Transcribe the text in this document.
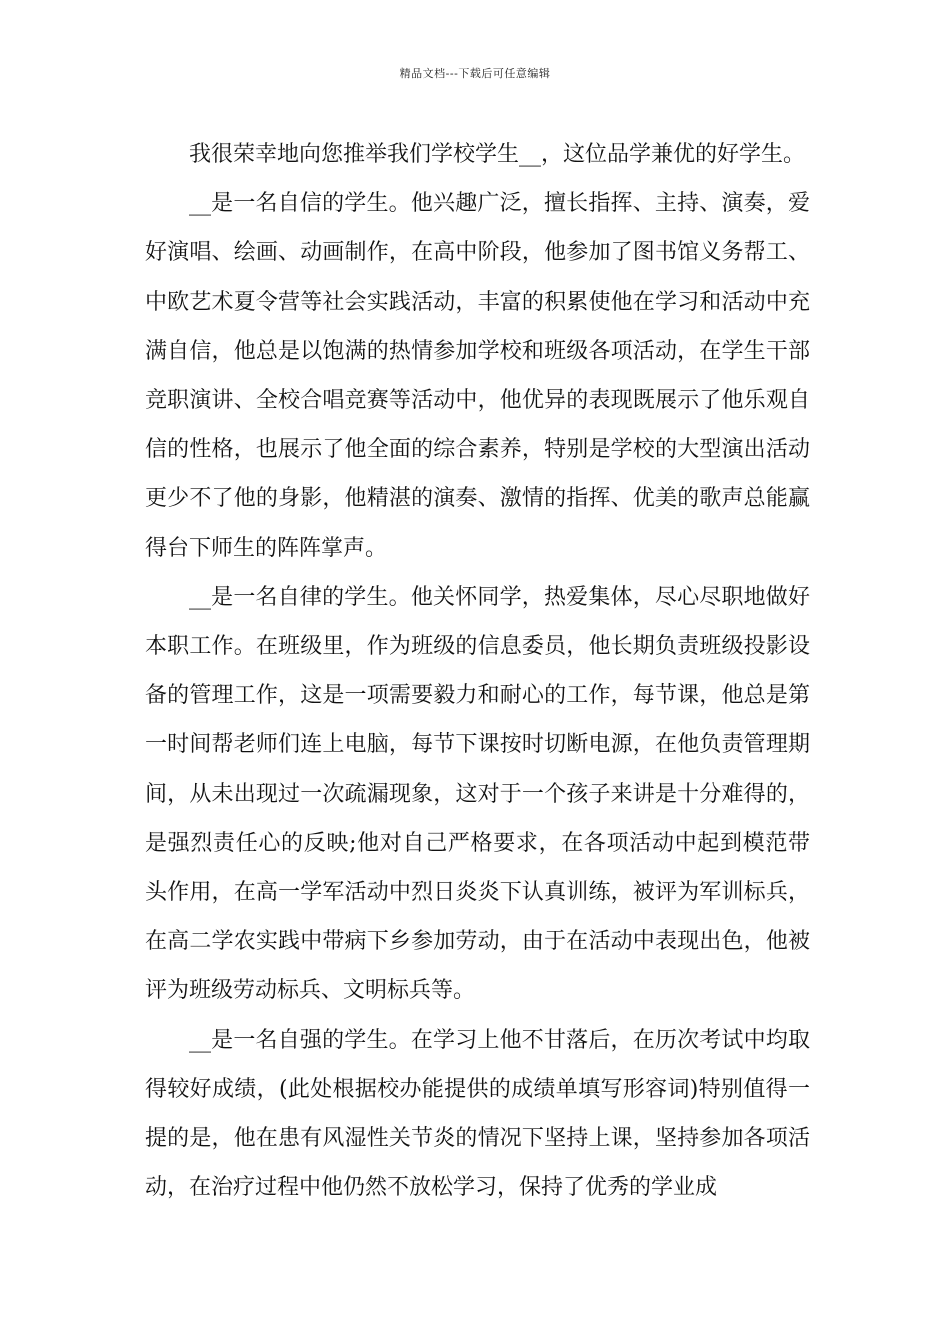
精品文档---下载后可任意编辑

我很荣幸地向您推举我们学校学生__，这位品学兼优的好学生。

__是一名自信的学生。他兴趣广泛，擅长指挥、主持、演奏，爱好演唱、绘画、动画制作，在高中阶段，他参加了图书馆义务帮工、中欧艺术夏令营等社会实践活动，丰富的积累使他在学习和活动中充满自信，他总是以饱满的热情参加学校和班级各项活动，在学生干部竞职演讲、全校合唱竞赛等活动中，他优异的表现既展示了他乐观自信的性格，也展示了他全面的综合素养，特别是学校的大型演出活动更少不了他的身影，他精湛的演奏、激情的指挥、优美的歌声总能赢得台下师生的阵阵掌声。

__是一名自律的学生。他关怀同学，热爱集体，尽心尽职地做好本职工作。在班级里，作为班级的信息委员，他长期负责班级投影设备的管理工作，这是一项需要毅力和耐心的工作，每节课，他总是第一时间帮老师们连上电脑，每节下课按时切断电源，在他负责管理期间，从未出现过一次疏漏现象，这对于一个孩子来讲是十分难得的，是强烈责任心的反映;他对自己严格要求，在各项活动中起到模范带头作用，在高一学军活动中烈日炎炎下认真训练，被评为军训标兵，在高二学农实践中带病下乡参加劳动，由于在活动中表现出色，他被评为班级劳动标兵、文明标兵等。

__是一名自强的学生。在学习上他不甘落后，在历次考试中均取得较好成绩，(此处根据校办能提供的成绩单填写形容词)特别值得一提的是，他在患有风湿性关节炎的情况下坚持上课，坚持参加各项活动，在治疗过程中他仍然不放松学习，保持了优秀的学业成
